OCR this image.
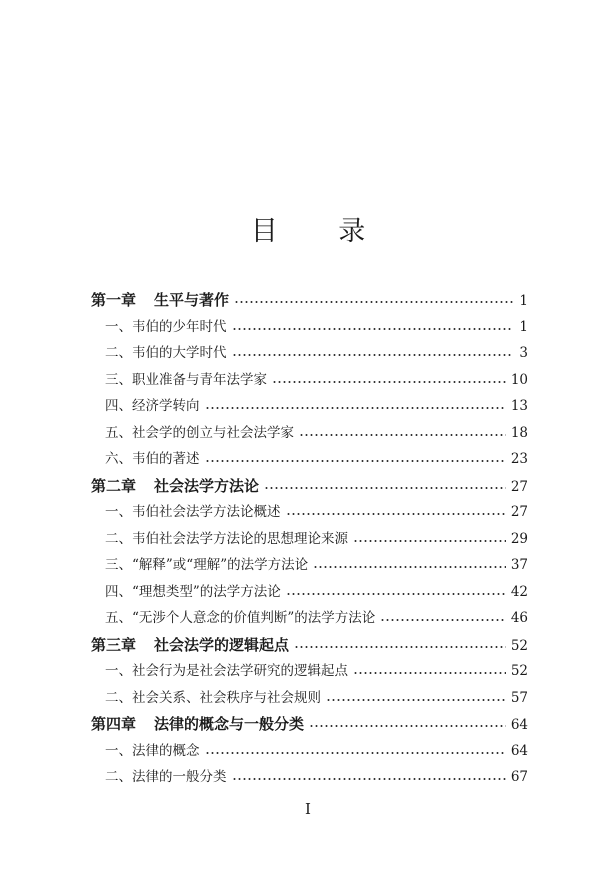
目 录
第一章 生平与著作	1
一、韦伯的少年时代	1
二、韦伯的大学时代	3
三、职业准备与青年法学家	10
四、经济学转向	13
五、社会学的创立与社会法学家	18
六、韦伯的著述	23
第二章 社会法学方法论	27
一、韦伯社会法学方法论概述	27
二、韦伯社会法学方法论的思想理论来源	29
三、“解释”或“理解”的法学方法论	37
四、“理想类型”的法学方法论	42
五、“无涉个人意念的价值判断”的法学方法论	46
第三章 社会法学的逻辑起点	52
一、社会行为是社会法学研究的逻辑起点	52
二、社会关系、社会秩序与社会规则	57
第四章 法律的概念与一般分类	64
一、法律的概念	64
二、法律的一般分类	67
I
